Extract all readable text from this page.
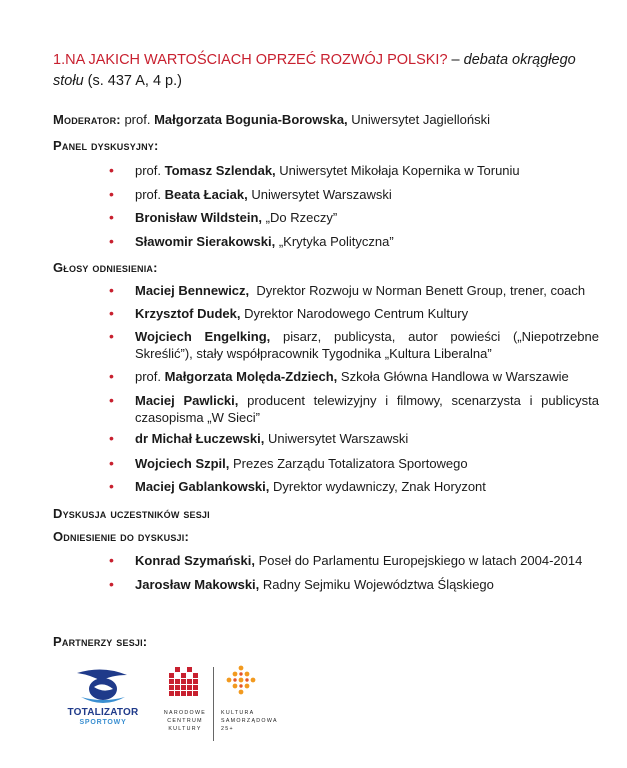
1.NA JAKICH WARTOŚCIACH OPRZEĆ ROZWÓJ POLSKI? – debata okrągłego stołu (s. 437 A, 4 p.)
Moderator: prof. Małgorzata Bogunia-Borowska, Uniwersytet Jagielloński
Panel dyskusyjny:
• prof. Tomasz Szlendak, Uniwersytet Mikołaja Kopernika w Toruniu
• prof. Beata Łaciak, Uniwersytet Warszawski
• Bronisław Wildstein, „Do Rzeczy”
• Sławomir Sierakowski, „Krytyka Polityczna”
Głosy odniesienia:
• Maciej Bennewicz, Dyrektor Rozwoju w Norman Benett Group, trener, coach
• Krzysztof Dudek, Dyrektor Narodowego Centrum Kultury
• Wojciech Engelking, pisarz, publicysta, autor powieści („Niepotrzebne Skreślić”), stały współpracownik Tygodnika „Kultura Liberalna”
• prof. Małgorzata Molęda-Zdziech, Szkoła Główna Handlowa w Warszawie
• Maciej Pawlicki, producent telewizyjny i filmowy, scenarzysta i publicysta czasopisma „W Sieci”
• dr Michał Łuczewski, Uniwersytet Warszawski
• Wojciech Szpil, Prezes Zarządu Totalizatora Sportowego
• Maciej Gablankowski, Dyrektor wydawniczy, Znak Horyzont
Dyskusja uczestników sesji
Odniesienie do dyskusji:
• Konrad Szymański, Poseł do Parlamentu Europejskiego w latach 2004-2014
• Jarosław Makowski, Radny Sejmiku Województwa Śląskiego
Partnerzy sesji:
TOTALIZATOR
SPORTOWY
NARODOWE
CENTRUM
KULTURY
KULTURA
SAMORZĄDOWA
25+
